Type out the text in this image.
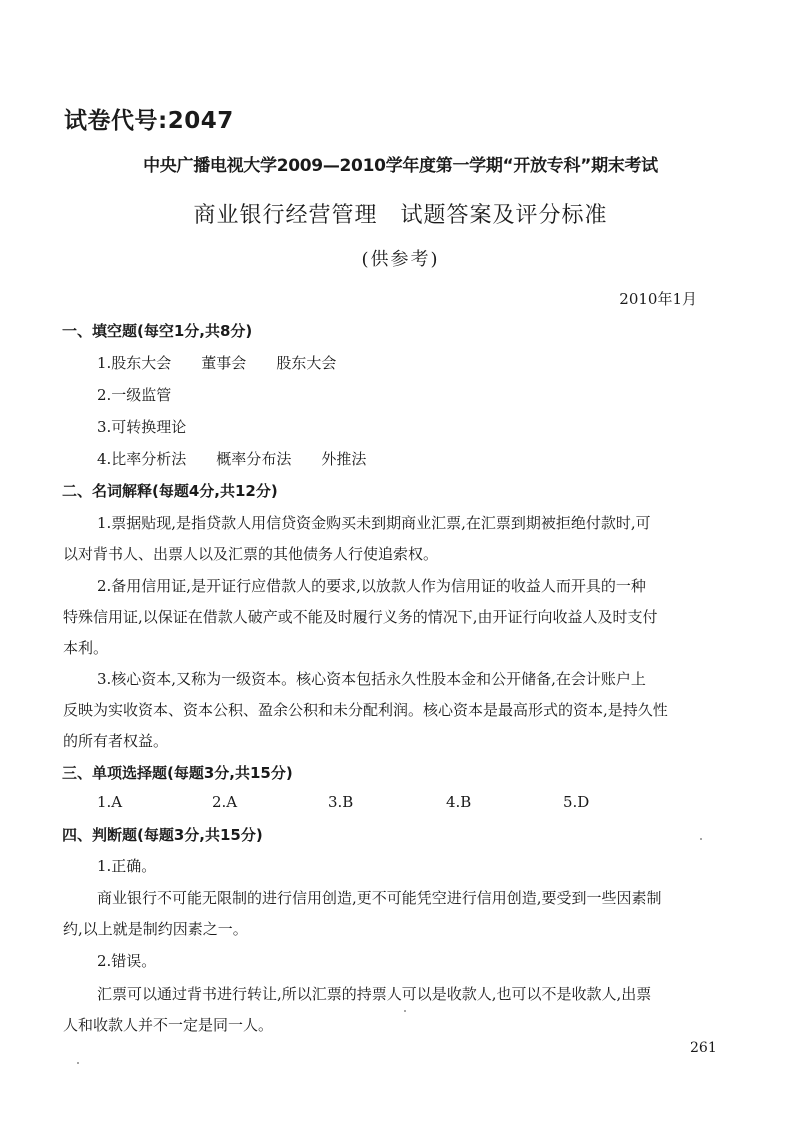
试卷代号:2047
中央广播电视大学2009—2010学年度第一学期“开放专科”期末考试
商业银行经营管理　试题答案及评分标准
(供参考)
2010年1月
一、填空题(每空1分,共8分)
1.股东大会　　董事会　　股东大会
2.一级监管
3.可转换理论
4.比率分析法　　概率分布法　　外推法
二、名词解释(每题4分,共12分)
1.票据贴现,是指贷款人用信贷资金购买未到期商业汇票,在汇票到期被拒绝付款时,可
以对背书人、出票人以及汇票的其他债务人行使追索权。
2.备用信用证,是开证行应借款人的要求,以放款人作为信用证的收益人而开具的一种
特殊信用证,以保证在借款人破产或不能及时履行义务的情况下,由开证行向收益人及时支付
本利。
3.核心资本,又称为一级资本。核心资本包括永久性股本金和公开储备,在会计账户上
反映为实收资本、资本公积、盈余公积和未分配利润。核心资本是最高形式的资本,是持久性
的所有者权益。
三、单项选择题(每题3分,共15分)
1.A	2.A	3.B	4.B	5.D
四、判断题(每题3分,共15分)
1.正确。
商业银行不可能无限制的进行信用创造,更不可能凭空进行信用创造,要受到一些因素制
约,以上就是制约因素之一。
2.错误。
汇票可以通过背书进行转让,所以汇票的持票人可以是收款人,也可以不是收款人,出票
人和收款人并不一定是同一人。
261
